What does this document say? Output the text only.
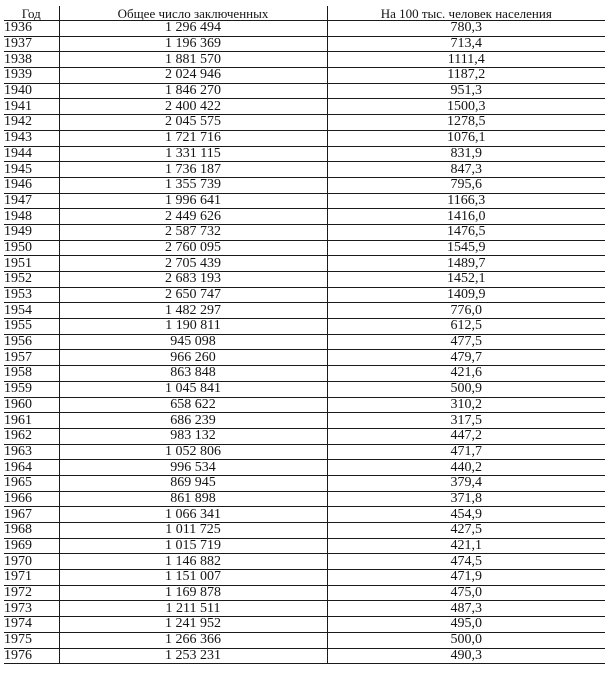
Год	Общее число заключенных	На 100 тыс. человек населения
1936	1 296 494	780,3
1937	1 196 369	713,4
1938	1 881 570	1111,4
1939	2 024 946	1187,2
1940	1 846 270	951,3
1941	2 400 422	1500,3
1942	2 045 575	1278,5
1943	1 721 716	1076,1
1944	1 331 115	831,9
1945	1 736 187	847,3
1946	1 355 739	795,6
1947	1 996 641	1166,3
1948	2 449 626	1416,0
1949	2 587 732	1476,5
1950	2 760 095	1545,9
1951	2 705 439	1489,7
1952	2 683 193	1452,1
1953	2 650 747	1409,9
1954	1 482 297	776,0
1955	1 190 811	612,5
1956	945 098	477,5
1957	966 260	479,7
1958	863 848	421,6
1959	1 045 841	500,9
1960	658 622	310,2
1961	686 239	317,5
1962	983 132	447,2
1963	1 052 806	471,7
1964	996 534	440,2
1965	869 945	379,4
1966	861 898	371,8
1967	1 066 341	454,9
1968	1 011 725	427,5
1969	1 015 719	421,1
1970	1 146 882	474,5
1971	1 151 007	471,9
1972	1 169 878	475,0
1973	1 211 511	487,3
1974	1 241 952	495,0
1975	1 266 366	500,0
1976	1 253 231	490,3
